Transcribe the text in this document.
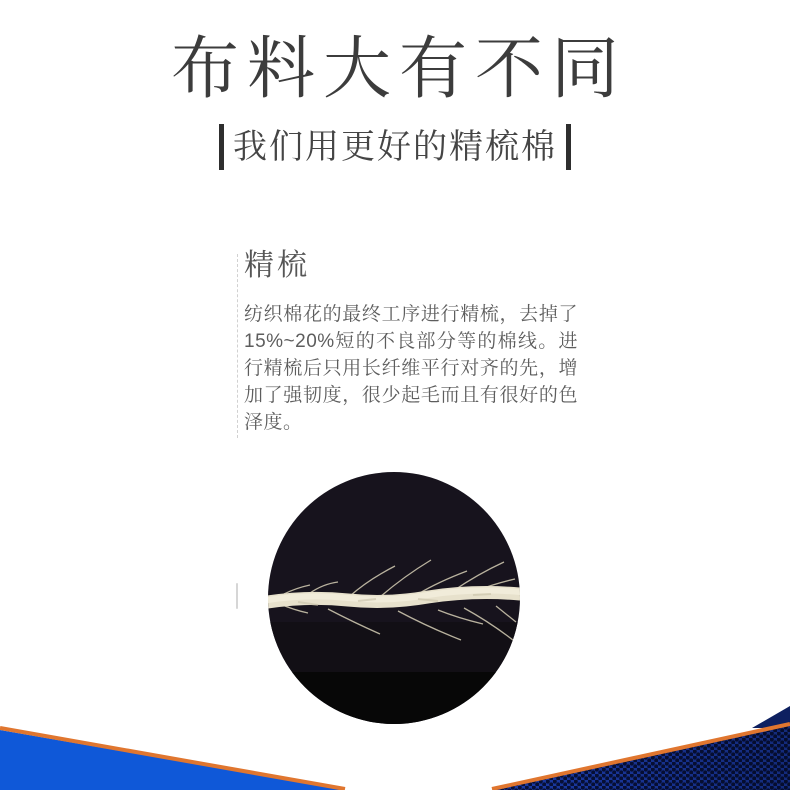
布料大有不同
我们用更好的精梳棉
精梳

纺织棉花的最终工序进行精梳，去掉了15%~20%短的不良部分等的棉线。进行精梳后只用长纤维平行对齐的先，增加了强韧度，很少起毛而且有很好的色泽度。
